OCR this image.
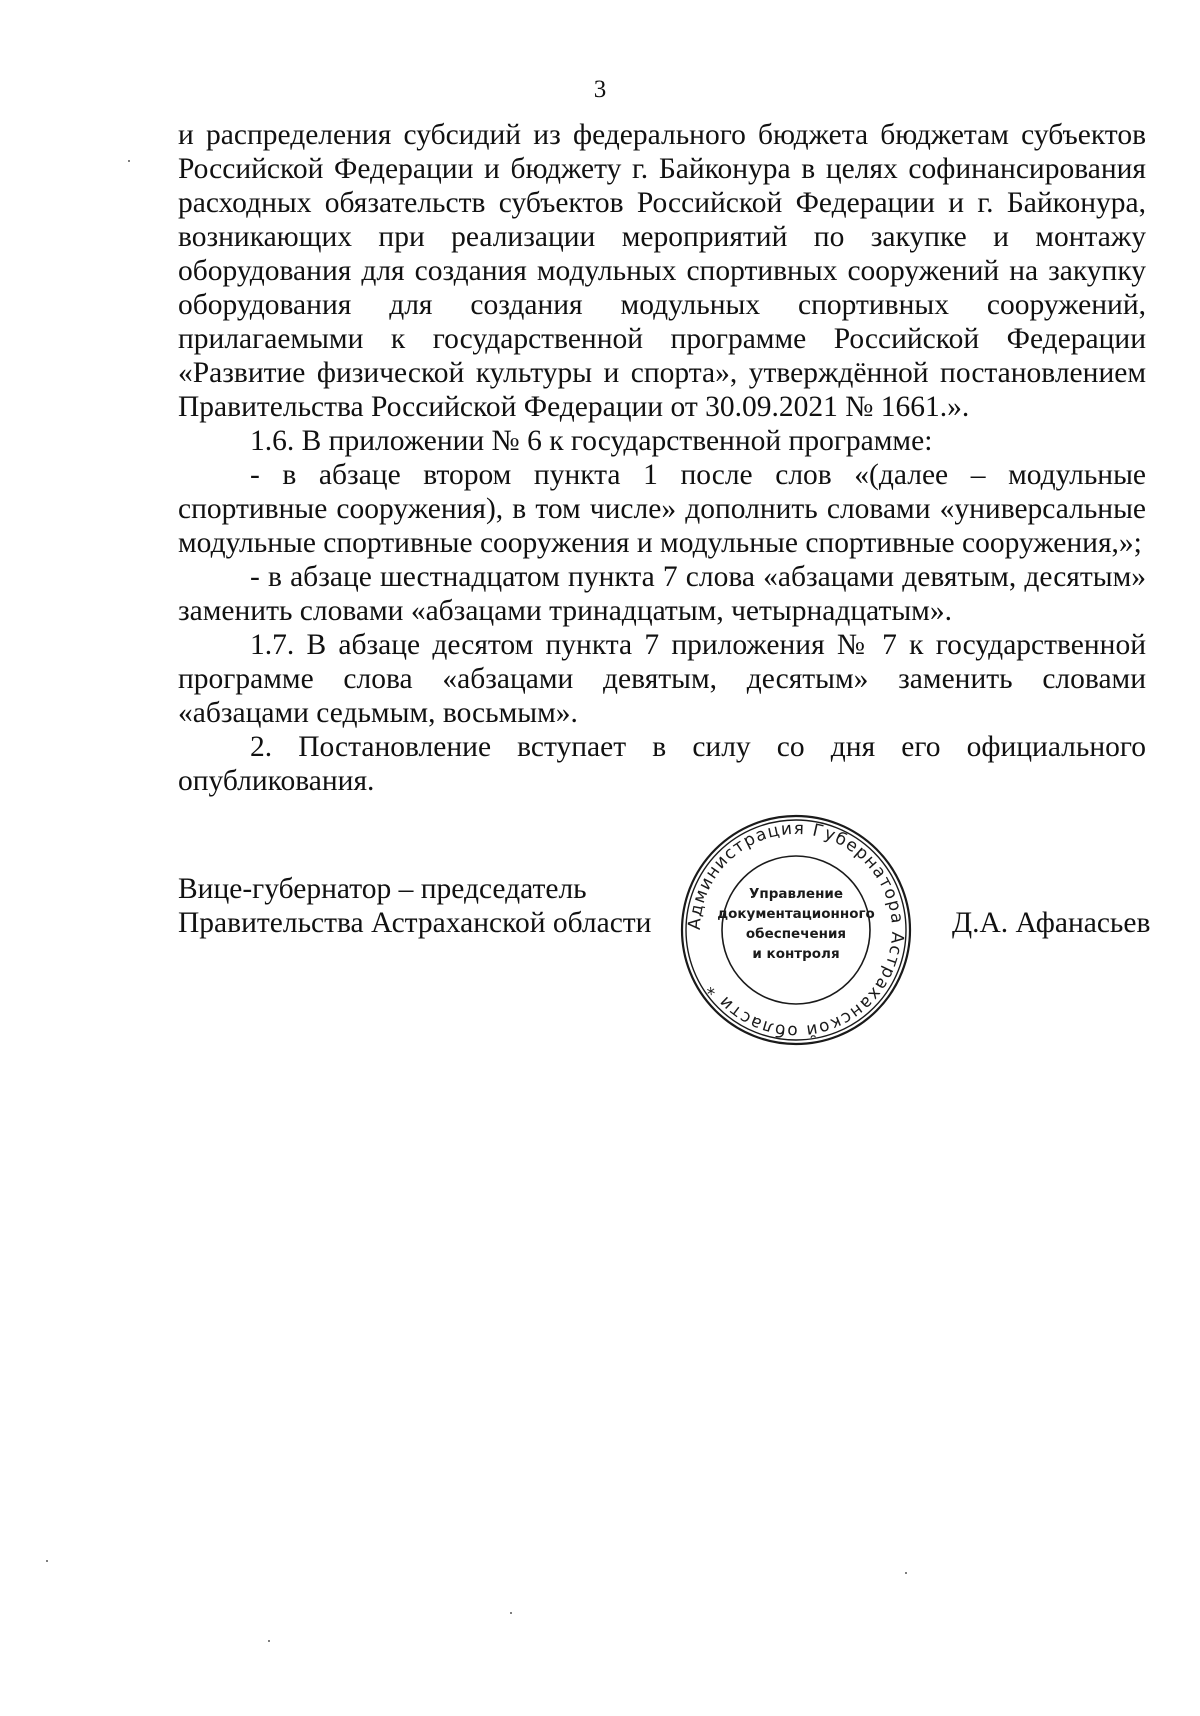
3

и распределения субсидий из федерального бюджета бюджетам субъектов Российской Федерации и бюджету г. Байконура в целях софинансирования расходных обязательств субъектов Российской Федерации и г. Байконура, возникающих при реализации мероприятий по закупке и монтажу оборудования для создания модульных спортивных сооружений на закупку оборудования для создания модульных спортивных сооружений, прилагаемыми к государственной программе Российской Федерации «Развитие физической культуры и спорта», утверждённой постановлением Правительства Российской Федерации от 30.09.2021 № 1661.».

1.6. В приложении № 6 к государственной программе:

- в абзаце втором пункта 1 после слов «(далее – модульные спортивные сооружения), в том числе» дополнить словами «универсальные модульные спортивные сооружения и модульные спортивные сооружения,»;

- в абзаце шестнадцатом пункта 7 слова «абзацами девятым, десятым» заменить словами «абзацами тринадцатым, четырнадцатым».

1.7. В абзаце десятом пункта 7 приложения № 7 к государственной программе слова «абзацами девятым, десятым» заменить словами «абзацами седьмым, восьмым».

2. Постановление вступает в силу со дня его официального опубликования.

Вице-губернатор – председатель
Правительства Астраханской области Администрация Губернатора Астраханской области *
Управление
документационного
обеспечения
и контроля
Д.А. Афанасьев
